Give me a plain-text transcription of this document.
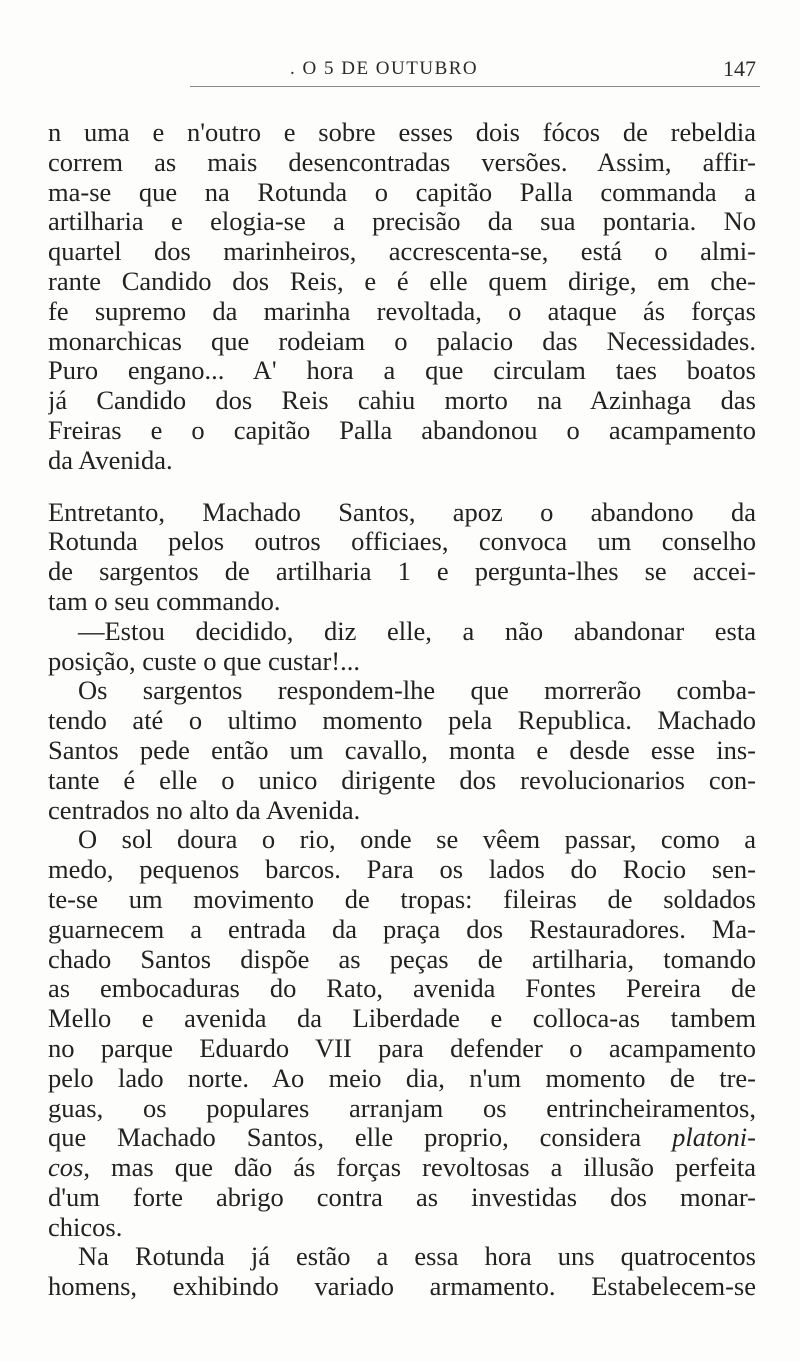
. O 5 DE OUTUBRO	147
n uma e n'outro e sobre esses dois fócos de rebeldia
correm as mais desencontradas versões. Assim, affir-
ma-se que na Rotunda o capitão Palla commanda a
artilharia e elogia-se a precisão da sua pontaria. No
quartel dos marinheiros, accrescenta-se, está o almi-
rante Candido dos Reis, e é elle quem dirige, em che-
fe supremo da marinha revoltada, o ataque ás forças
monarchicas que rodeiam o palacio das Necessidades.
Puro engano... A' hora a que circulam taes boatos
já Candido dos Reis cahiu morto na Azinhaga das
Freiras e o capitão Palla abandonou o acampamento
da Avenida.
Entretanto, Machado Santos, apoz o abandono da
Rotunda pelos outros officiaes, convoca um conselho
de sargentos de artilharia 1 e pergunta-lhes se accei-
tam o seu commando.
—Estou decidido, diz elle, a não abandonar esta
posição, custe o que custar!...
Os sargentos respondem-lhe que morrerão comba-
tendo até o ultimo momento pela Republica. Machado
Santos pede então um cavallo, monta e desde esse ins-
tante é elle o unico dirigente dos revolucionarios con-
centrados no alto da Avenida.
O sol doura o rio, onde se vêem passar, como a
medo, pequenos barcos. Para os lados do Rocio sen-
te-se um movimento de tropas: fileiras de soldados
guarnecem a entrada da praça dos Restauradores. Ma-
chado Santos dispõe as peças de artilharia, tomando
as embocaduras do Rato, avenida Fontes Pereira de
Mello e avenida da Liberdade e colloca-as tambem
no parque Eduardo VII para defender o acampamento
pelo lado norte. Ao meio dia, n'um momento de tre-
guas, os populares arranjam os entrincheiramentos,
que Machado Santos, elle proprio, considera platoni-
cos, mas que dão ás forças revoltosas a illusão perfeita
d'um forte abrigo contra as investidas dos monar-
chicos.
Na Rotunda já estão a essa hora uns quatrocentos
homens, exhibindo variado armamento. Estabelecem-se
